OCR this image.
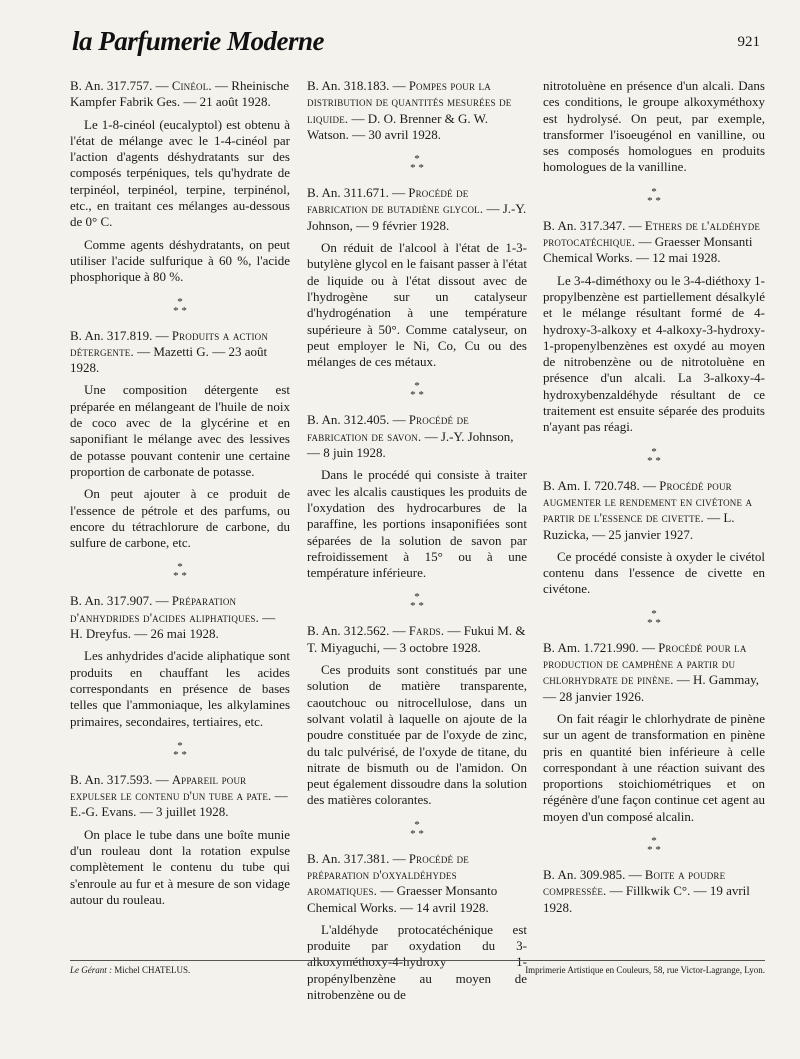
la Parfumerie Moderne	921

B. An. 317.757. — Cinéol. — Rheinische Kampfer Fabrik Ges. — 21 août 1928.

Le 1-8-cinéol (eucalyptol) est obtenu à l'état de mélange avec le 1-4-cinéol par l'action d'agents déshydratants sur des composés terpéniques, tels qu'hydrate de terpinéol, terpinéol, terpine, terpinénol, etc., en traitant ces mélanges au-dessous de 0° C.

Comme agents déshydratants, on peut utiliser l'acide sulfurique à 60 %, l'acide phosphorique à 80 %.

*
* *

B. An. 317.819. — Produits a action détergente. — Mazetti G. — 23 août 1928.

Une composition détergente est préparée en mélangeant de l'huile de noix de coco avec de la glycérine et en saponifiant le mélange avec des lessives de potasse pouvant contenir une certaine proportion de carbonate de potasse.

On peut ajouter à ce produit de l'essence de pétrole et des parfums, ou encore du tétrachlorure de carbone, du sulfure de carbone, etc.

*
* *

B. An. 317.907. — Préparation d'anhydrides d'acides aliphatiques. — H. Dreyfus. — 26 mai 1928.

Les anhydrides d'acide aliphatique sont produits en chauffant les acides correspondants en présence de bases telles que l'ammoniaque, les alkylamines primaires, secondaires, tertiaires, etc.

*
* *

B. An. 317.593. — Appareil pour expulser le contenu d'un tube a pate. — E.-G. Evans. — 3 juillet 1928.

On place le tube dans une boîte munie d'un rouleau dont la rotation expulse complètement le contenu du tube qui s'enroule au fur et à mesure de son vidage autour du rouleau.

B. An. 318.183. — Pompes pour la distribution de quantités mesurées de liquide. — D. O. Brenner & G. W. Watson. — 30 avril 1928.

*
* *

B. An. 311.671. — Procédé de fabrication de butadiène glycol. — J.-Y. Johnson, — 9 février 1928.

On réduit de l'alcool à l'état de 1-3-butylène glycol en le faisant passer à l'état de liquide ou à l'état dissout avec de l'hydrogène sur un catalyseur d'hydrogénation à une température supérieure à 50°. Comme catalyseur, on peut employer le Ni, Co, Cu ou des mélanges de ces métaux.

*
* *

B. An. 312.405. — Procédé de fabrication de savon. — J.-Y. Johnson, — 8 juin 1928.

Dans le procédé qui consiste à traiter avec les alcalis caustiques les produits de l'oxydation des hydrocarbures de la paraffine, les portions insaponifiées sont séparées de la solution de savon par refroidissement à 15° ou à une température inférieure.

*
* *

B. An. 312.562. — Fards. — Fukui M. & T. Miyaguchi, — 3 octobre 1928.

Ces produits sont constitués par une solution de matière transparente, caoutchouc ou nitrocellulose, dans un solvant volatil à laquelle on ajoute de la poudre constituée par de l'oxyde de zinc, du talc pulvérisé, de l'oxyde de titane, du nitrate de bismuth ou de l'amidon. On peut également dissoudre dans la solution des matières colorantes.

*
* *

B. An. 317.381. — Procédé de préparation d'oxyaldéhydes aromatiques. — Graesser Monsanto Chemical Works. — 14 avril 1928.

L'aldéhyde protocatéchénique est produite par oxydation du 3-alkoxyméthoxy-4-hydroxy 1-propénylbenzène au moyen de nitrobenzène ou de

nitrotoluène en présence d'un alcali. Dans ces conditions, le groupe alkoxyméthoxy est hydrolysé. On peut, par exemple, transformer l'isoeugénol en vanilline, ou ses composés homologues en produits homologues de la vanilline.

*
* *

B. An. 317.347. — Ethers de l'aldéhyde protocatéchique. — Graesser Monsanti Chemical Works. — 12 mai 1928.

Le 3-4-diméthoxy ou le 3-4-diéthoxy 1-propylbenzène est partiellement désalkylé et le mélange résultant formé de 4-hydroxy-3-alkoxy et 4-alkoxy-3-hydroxy-1-propenylbenzènes est oxydé au moyen de nitrobenzène ou de nitrotoluène en présence d'un alcali. La 3-alkoxy-4-hydroxybenzaldéhyde résultant de ce traitement est ensuite séparée des produits n'ayant pas réagi.

*
* *

B. Am. I. 720.748. — Procédé pour augmenter le rendement en civétone a partir de l'essence de civette. — L. Ruzicka, — 25 janvier 1927.

Ce procédé consiste à oxyder le civétol contenu dans l'essence de civette en civétone.

*
* *

B. Am. 1.721.990. — Procédé pour la production de camphène a partir du chlorhydrate de pinène. — H. Gammay, — 28 janvier 1926.

On fait réagir le chlorhydrate de pinène sur un agent de transformation en pinène pris en quantité bien inférieure à celle correspondant à une réaction suivant des proportions stoichiométriques et on régénère d'une façon continue cet agent au moyen d'un composé alcalin.

*
* *

B. An. 309.985. — Boite a poudre compressée. — Fillkwik C°. — 19 avril 1928.

Le Gérant : Michel CHATELUS.	Imprimerie Artistique en Couleurs, 58, rue Victor-Lagrange, Lyon.
